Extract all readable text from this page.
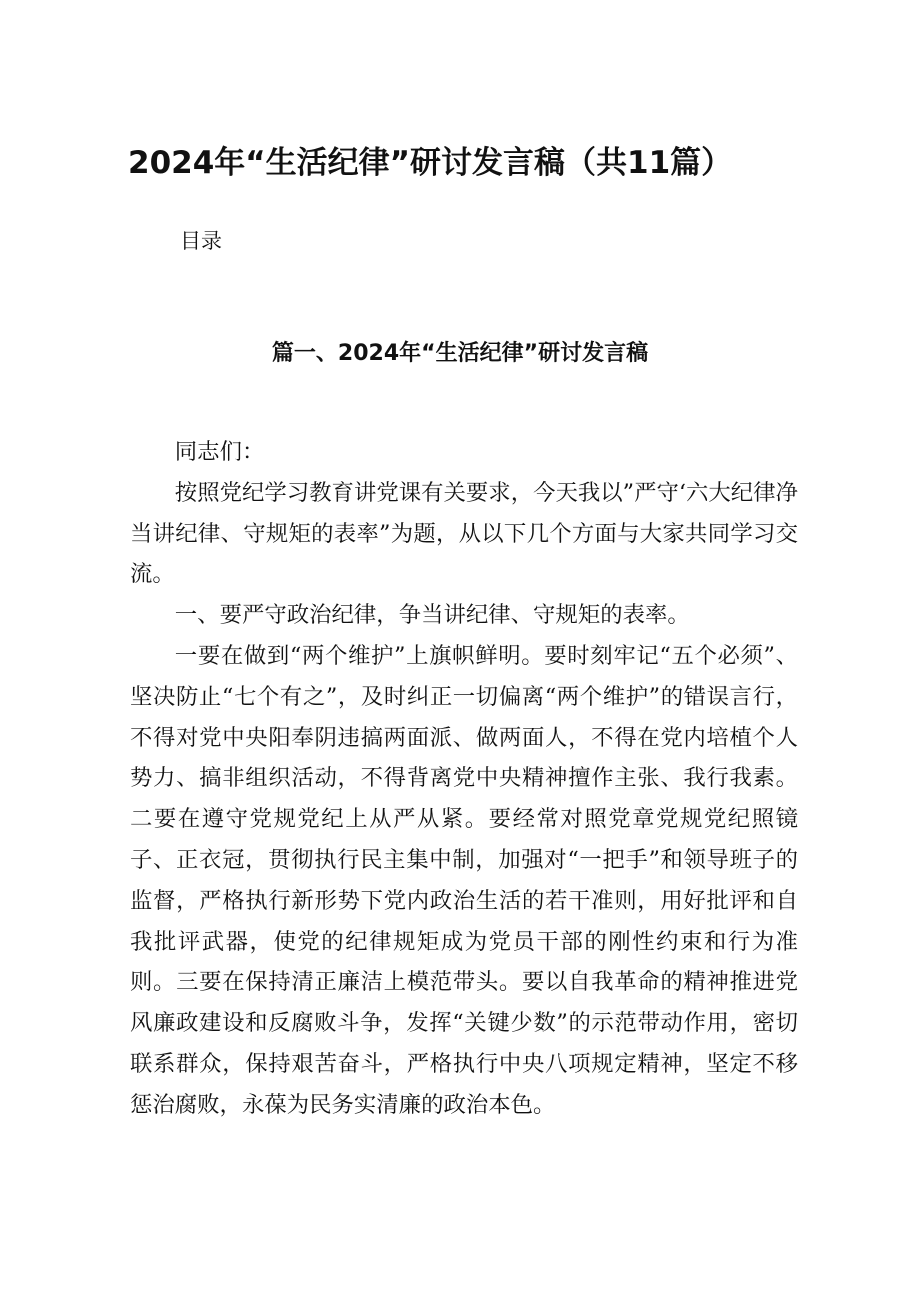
2024年“生活纪律”研讨发言稿（共11篇）
目录
篇一、2024年“生活纪律”研讨发言稿

同志们：

按照党纪学习教育讲党课有关要求，今天我以”严守‘六大纪律净当讲纪律、守规矩的表率”为题，从以下几个方面与大家共同学习交流。

一、要严守政治纪律，争当讲纪律、守规矩的表率。

一要在做到“两个维护”上旗帜鲜明。要时刻牢记“五个必须”、坚决防止“七个有之”，及时纠正一切偏离“两个维护”的错误言行，不得对党中央阳奉阴违搞两面派、做两面人，不得在党内培植个人势力、搞非组织活动，不得背离党中央精神擅作主张、我行我素。二要在遵守党规党纪上从严从紧。要经常对照党章党规党纪照镜子、正衣冠，贯彻执行民主集中制，加强对“一把手”和领导班子的监督，严格执行新形势下党内政治生活的若干准则，用好批评和自我批评武器，使党的纪律规矩成为党员干部的刚性约束和行为准则。三要在保持清正廉洁上模范带头。要以自我革命的精神推进党风廉政建设和反腐败斗争，发挥“关键少数”的示范带动作用，密切联系群众，保持艰苦奋斗，严格执行中央八项规定精神，坚定不移惩治腐败，永葆为民务实清廉的政治本色。
